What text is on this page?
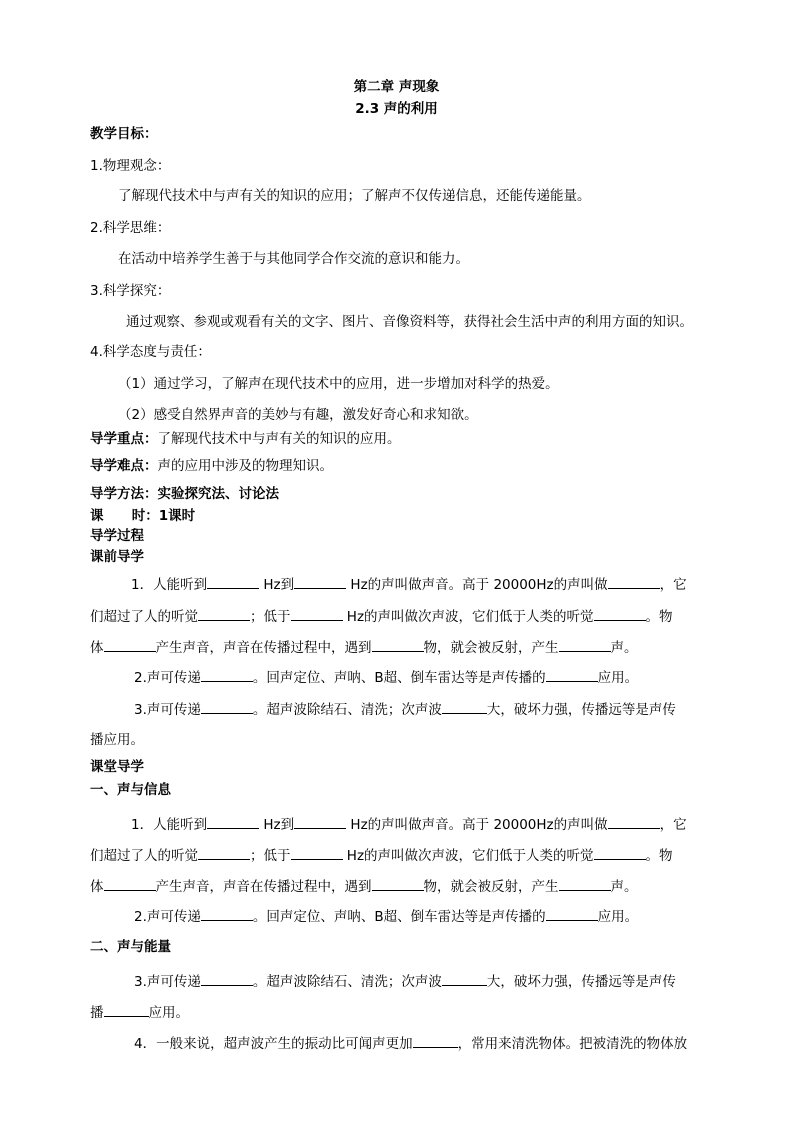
第二章 声现象
2.3 声的利用
教学目标：
1.物理观念：
了解现代技术中与声有关的知识的应用；了解声不仅传递信息，还能传递能量。
2.科学思维：
在活动中培养学生善于与其他同学合作交流的意识和能力。
3.科学探究：
通过观察、参观或观看有关的文字、图片、音像资料等，获得社会生活中声的利用方面的知识。
4.科学态度与责任：
（1）通过学习，了解声在现代技术中的应用，进一步增加对科学的热爱。
（2）感受自然界声音的美妙与有趣，激发好奇心和求知欲。
导学重点：了解现代技术中与声有关的知识的应用。
导学难点：声的应用中涉及的物理知识。
导学方法：实验探究法、讨论法
课      时：1课时
导学过程
课前导学
1．人能听到	Hz到	Hz的声叫做声音。高于 20000Hz的声叫做	，它
们超过了人的听觉	；低于	Hz的声叫做次声波，它们低于人类的听觉	。物
体	产生声音，声音在传播过程中，遇到	物，就会被反射，产生	声。
2.声可传递	。回声定位、声呐、B超、倒车雷达等是声传播的	应用。
3.声可传递	。超声波除结石、清洗；次声波	大，破坏力强，传播远等是声传
播应用。
课堂导学
一、声与信息
1．人能听到	Hz到	Hz的声叫做声音。高于 20000Hz的声叫做	，它
们超过了人的听觉	；低于	Hz的声叫做次声波，它们低于人类的听觉	。物
体	产生声音，声音在传播过程中，遇到	物，就会被反射，产生	声。
2.声可传递	。回声定位、声呐、B超、倒车雷达等是声传播的	应用。
二、声与能量
3.声可传递	。超声波除结石、清洗；次声波	大，破坏力强，传播远等是声传
播	应用。
4．一般来说，超声波产生的振动比可闻声更加	，常用来清洗物体。把被清洗的物体放
